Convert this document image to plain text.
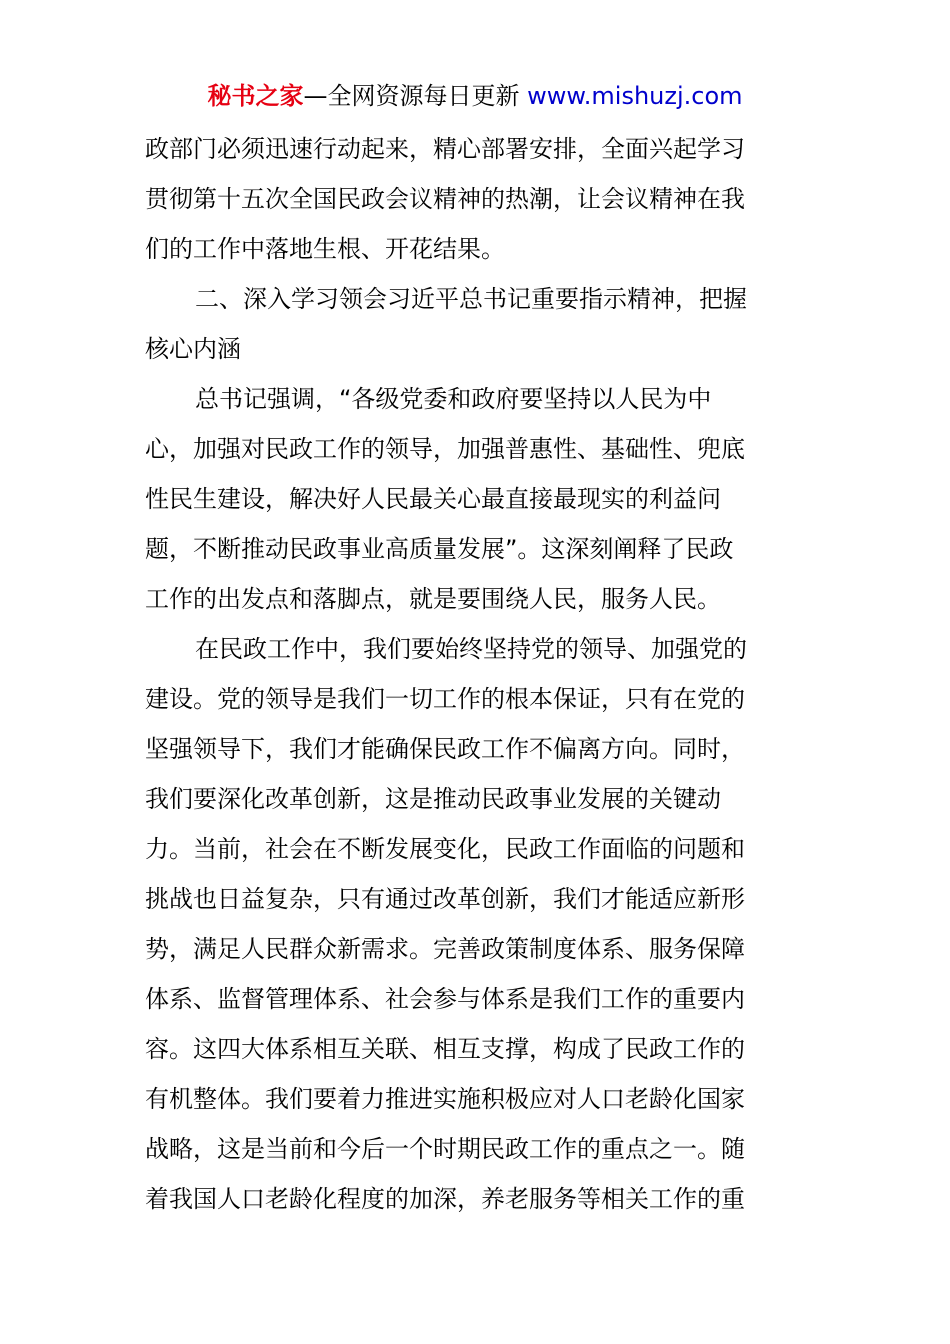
秘书之家—全网资源每日更新 www.mishuzj.com
政部门必须迅速行动起来，精心部署安排，全面兴起学习
贯彻第十五次全国民政会议精神的热潮，让会议精神在我
们的工作中落地生根、开花结果。
二、深入学习领会习近平总书记重要指示精神，把握
核心内涵
总书记强调，“各级党委和政府要坚持以人民为中
心，加强对民政工作的领导，加强普惠性、基础性、兜底
性民生建设，解决好人民最关心最直接最现实的利益问
题，不断推动民政事业高质量发展”。这深刻阐释了民政
工作的出发点和落脚点，就是要围绕人民，服务人民。
在民政工作中，我们要始终坚持党的领导、加强党的
建设。党的领导是我们一切工作的根本保证，只有在党的
坚强领导下，我们才能确保民政工作不偏离方向。同时，
我们要深化改革创新，这是推动民政事业发展的关键动
力。当前，社会在不断发展变化，民政工作面临的问题和
挑战也日益复杂，只有通过改革创新，我们才能适应新形
势，满足人民群众新需求。完善政策制度体系、服务保障
体系、监督管理体系、社会参与体系是我们工作的重要内
容。这四大体系相互关联、相互支撑，构成了民政工作的
有机整体。我们要着力推进实施积极应对人口老龄化国家
战略，这是当前和今后一个时期民政工作的重点之一。随
着我国人口老龄化程度的加深，养老服务等相关工作的重
